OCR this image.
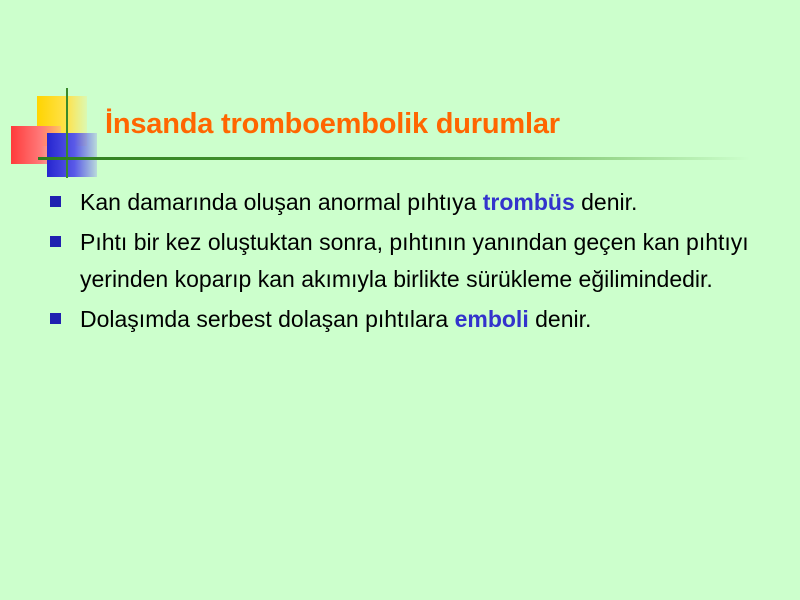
İnsanda tromboembolik durumlar
Kan damarında oluşan anormal pıhtıya trombüs denir.
Pıhtı bir kez oluştuktan sonra, pıhtının yanından geçen kan pıhtıyı yerinden koparıp kan akımıyla birlikte sürükleme eğilimindedir.
Dolaşımda serbest dolaşan pıhtılara emboli denir.
